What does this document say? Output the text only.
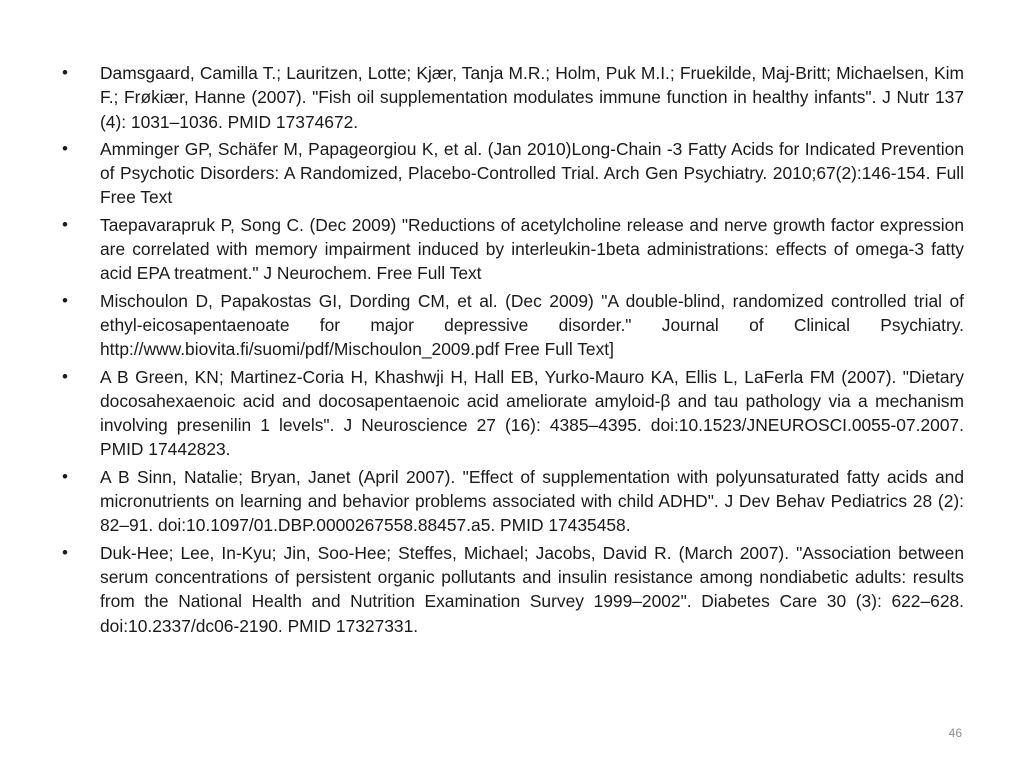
•	Damsgaard, Camilla T.; Lauritzen, Lotte; Kjær, Tanja M.R.; Holm, Puk M.I.; Fruekilde, Maj-Britt; Michaelsen, Kim F.; Frøkiær, Hanne (2007). "Fish oil supplementation modulates immune function in healthy infants". J Nutr 137 (4): 1031–1036. PMID 17374672.
•	Amminger GP, Schäfer M, Papageorgiou K, et al. (Jan 2010)Long-Chain -3 Fatty Acids for Indicated Prevention of Psychotic Disorders: A Randomized, Placebo-Controlled Trial. Arch Gen Psychiatry. 2010;67(2):146-154. Full Free Text
•	Taepavarapruk P, Song C. (Dec 2009) "Reductions of acetylcholine release and nerve growth factor expression are correlated with memory impairment induced by interleukin-1beta administrations: effects of omega-3 fatty acid EPA treatment." J Neurochem. Free Full Text
•	Mischoulon D, Papakostas GI, Dording CM, et al. (Dec 2009) "A double-blind, randomized controlled trial of ethyl-eicosapentaenoate for major depressive disorder." Journal of Clinical Psychiatry. http://www.biovita.fi/suomi/pdf/Mischoulon_2009.pdf Free Full Text]
•	A B Green, KN; Martinez-Coria H, Khashwji H, Hall EB, Yurko-Mauro KA, Ellis L, LaFerla FM (2007). "Dietary docosahexaenoic acid and docosapentaenoic acid ameliorate amyloid-β and tau pathology via a mechanism involving presenilin 1 levels". J Neuroscience 27 (16): 4385–4395. doi:10.1523/JNEUROSCI.0055-07.2007. PMID 17442823.
•	A B Sinn, Natalie; Bryan, Janet (April 2007). "Effect of supplementation with polyunsaturated fatty acids and micronutrients on learning and behavior problems associated with child ADHD". J Dev Behav Pediatrics 28 (2): 82–91. doi:10.1097/01.DBP.0000267558.88457.a5. PMID 17435458.
•	Duk-Hee; Lee, In-Kyu; Jin, Soo-Hee; Steffes, Michael; Jacobs, David R. (March 2007). "Association between serum concentrations of persistent organic pollutants and insulin resistance among nondiabetic adults: results from the National Health and Nutrition Examination Survey 1999–2002". Diabetes Care 30 (3): 622–628. doi:10.2337/dc06-2190. PMID 17327331.
46
